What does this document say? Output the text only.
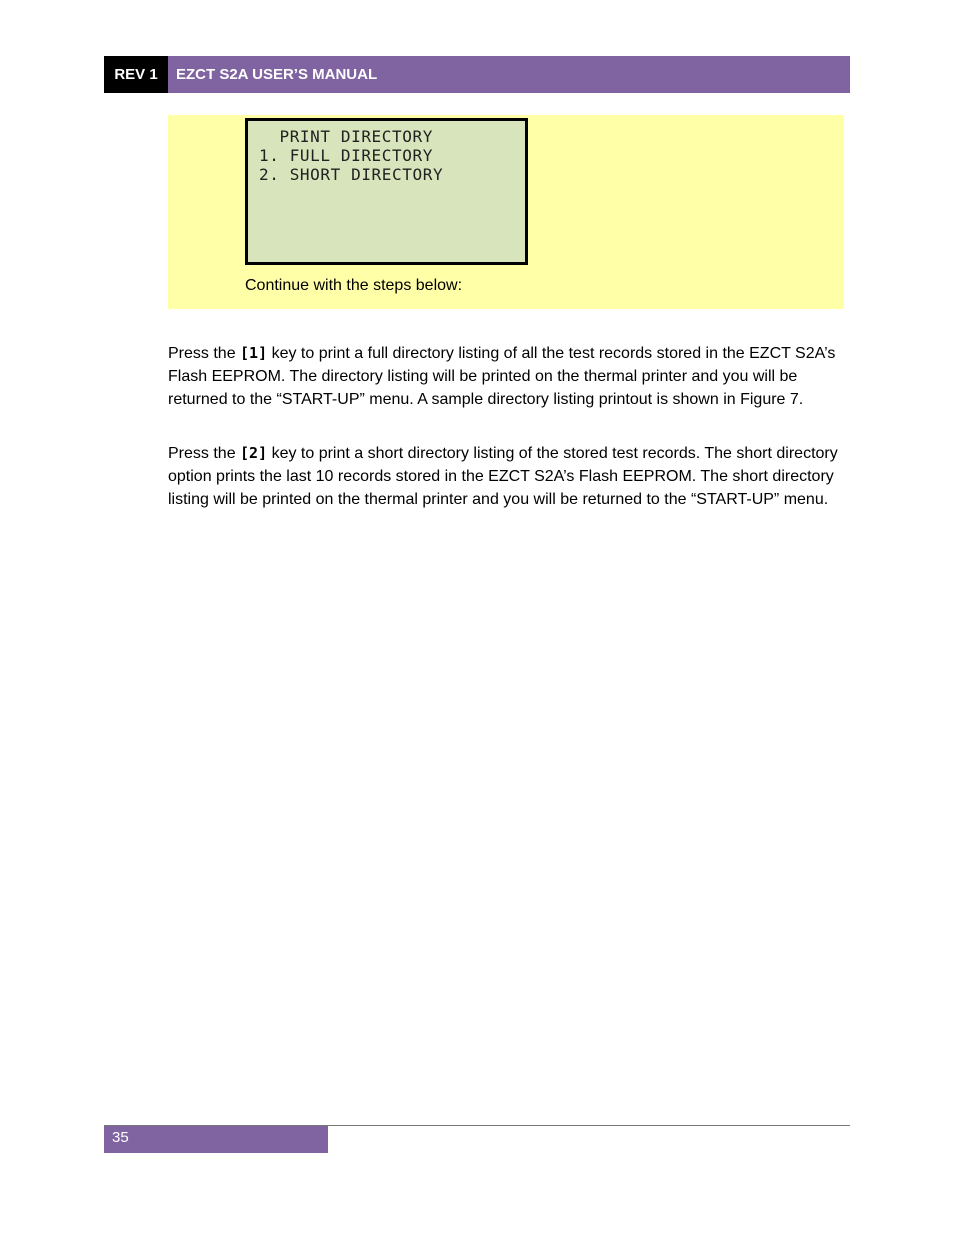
REV 1	EZCT S2A USER’S MANUAL
PRINT DIRECTORY
1. FULL DIRECTORY
2. SHORT DIRECTORY
Continue with the steps below:

Press the [1] key to print a full directory listing of all the test records stored in the EZCT S2A’s Flash EEPROM. The directory listing will be printed on the thermal printer and you will be returned to the “START-UP” menu. A sample directory listing printout is shown in Figure 7.

Press the [2] key to print a short directory listing of the stored test records. The short directory option prints the last 10 records stored in the EZCT S2A’s Flash EEPROM. The short directory listing will be printed on the thermal printer and you will be returned to the “START-UP” menu.

35
